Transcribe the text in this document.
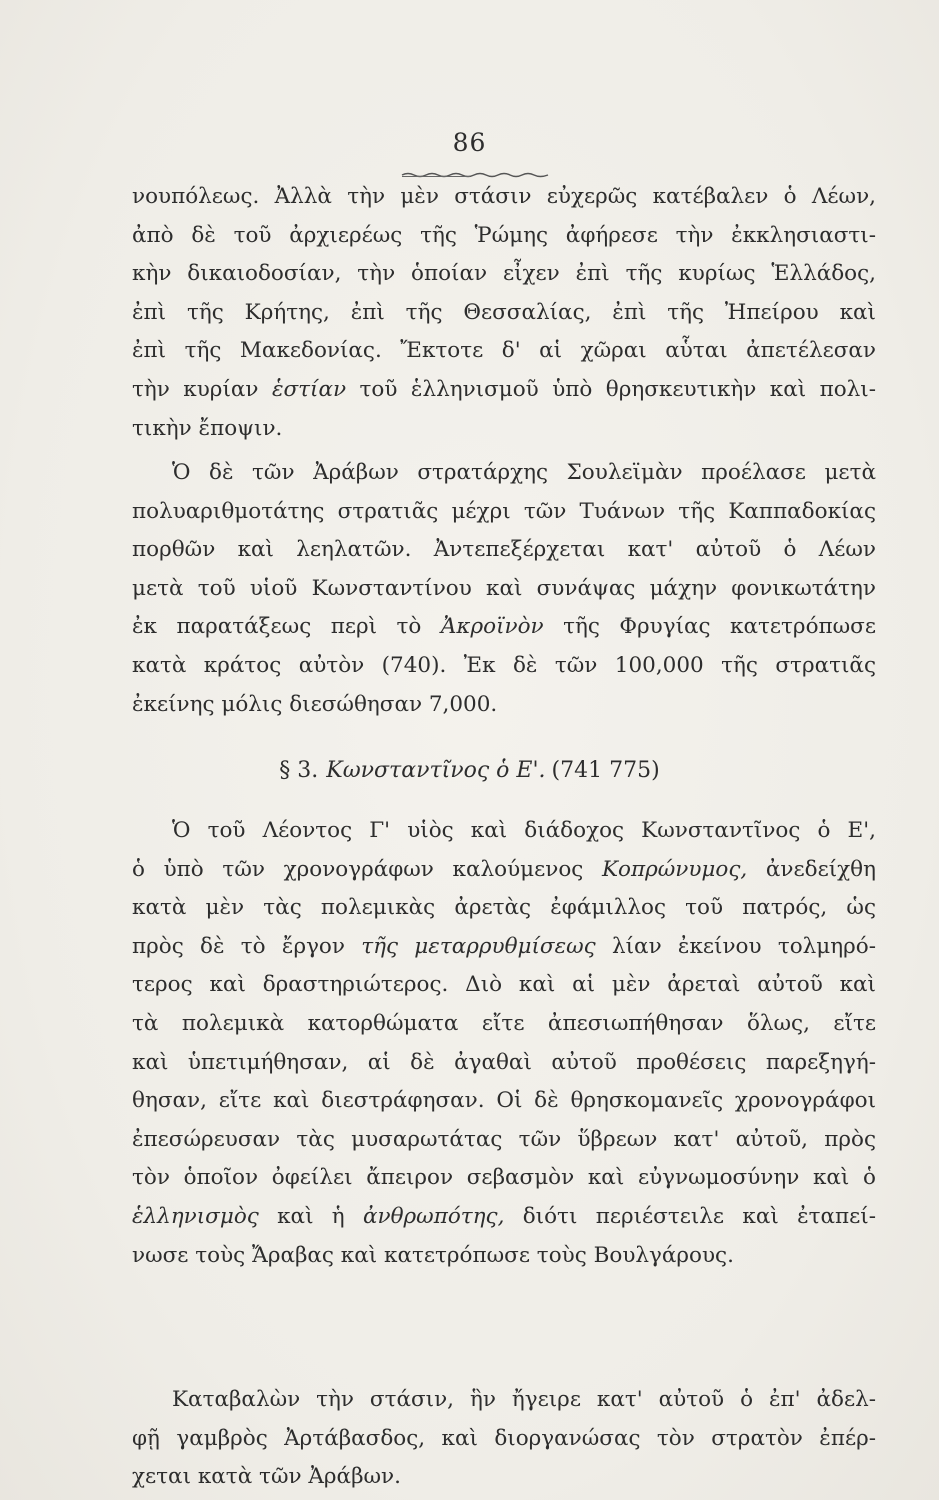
86
νουπόλεως. Ἀλλὰ τὴν μὲν στάσιν εὐχερῶς κατέβαλεν ὁ Λέων,
ἀπὸ δὲ τοῦ ἀρχιερέως τῆς Ῥώμης ἀφήρεσε τὴν ἐκκλησιαστι-
κὴν δικαιοδοσίαν, τὴν ὁποίαν εἶχεν ἐπὶ τῆς κυρίως Ἑλλάδος,
ἐπὶ τῆς Κρήτης, ἐπὶ τῆς Θεσσαλίας, ἐπὶ τῆς Ἠπείρου καὶ
ἐπὶ τῆς Μακεδονίας. Ἔκτοτε δ' αἱ χῶραι αὗται ἀπετέλεσαν
τὴν κυρίαν ἑστίαν τοῦ ἑλληνισμοῦ ὑπὸ θρησκευτικὴν καὶ πολι-
τικὴν ἔποψιν.
Ὁ δὲ τῶν Ἀράβων στρατάρχης Σουλεϊμὰν προέλασε μετὰ
πολυαριθμοτάτης στρατιᾶς μέχρι τῶν Τυάνων τῆς Καππαδοκίας
πορθῶν καὶ λεηλατῶν. Ἀντεπεξέρχεται κατ' αὐτοῦ ὁ Λέων
μετὰ τοῦ υἱοῦ Κωνσταντίνου καὶ συνάψας μάχην φονικωτάτην
ἐκ παρατάξεως περὶ τὸ Ἀκροϊνὸν τῆς Φρυγίας κατετρόπωσε
κατὰ κράτος αὐτὸν (740). Ἐκ δὲ τῶν 100,000 τῆς στρατιᾶς
ἐκείνης μόλις διεσώθησαν 7,000.
§ 3. Κωνσταντῖνος ὁ Ε'. (741 775)
Ὁ τοῦ Λέοντος Γ' υἱὸς καὶ διάδοχος Κωνσταντῖνος ὁ Ε',
ὁ ὑπὸ τῶν χρονογράφων καλούμενος Κοπρώνυμος, ἀνεδείχθη
κατὰ μὲν τὰς πολεμικὰς ἀρετὰς ἐφάμιλλος τοῦ πατρός, ὡς
πρὸς δὲ τὸ ἔργον τῆς μεταρρυθμίσεως λίαν ἐκείνου τολμηρό-
τερος καὶ δραστηριώτερος. Διὸ καὶ αἱ μὲν ἀρεταὶ αὐτοῦ καὶ
τὰ πολεμικὰ κατορθώματα εἴτε ἀπεσιωπήθησαν ὅλως, εἴτε
καὶ ὑπετιμήθησαν, αἱ δὲ ἀγαθαὶ αὐτοῦ προθέσεις παρεξηγή-
θησαν, εἴτε καὶ διεστράφησαν. Οἱ δὲ θρησκομανεῖς χρονογράφοι
ἐπεσώρευσαν τὰς μυσαρωτάτας τῶν ὕβρεων κατ' αὐτοῦ, πρὸς
τὸν ὁποῖον ὀφείλει ἄπειρον σεβασμὸν καὶ εὐγνωμοσύνην καὶ ὁ
ἑλληνισμὸς καὶ ἡ ἀνθρωπότης, διότι περιέστειλε καὶ ἐταπεί-
νωσε τοὺς Ἄραβας καὶ κατετρόπωσε τοὺς Βουλγάρους.
Καταβαλὼν τὴν στάσιν, ἣν ἤγειρε κατ' αὐτοῦ ὁ ἐπ' ἀδελ-
φῇ γαμβρὸς Ἀρτάβασδος, καὶ διοργανώσας τὸν στρατὸν ἐπέρ-
χεται κατὰ τῶν Ἀράβων.
